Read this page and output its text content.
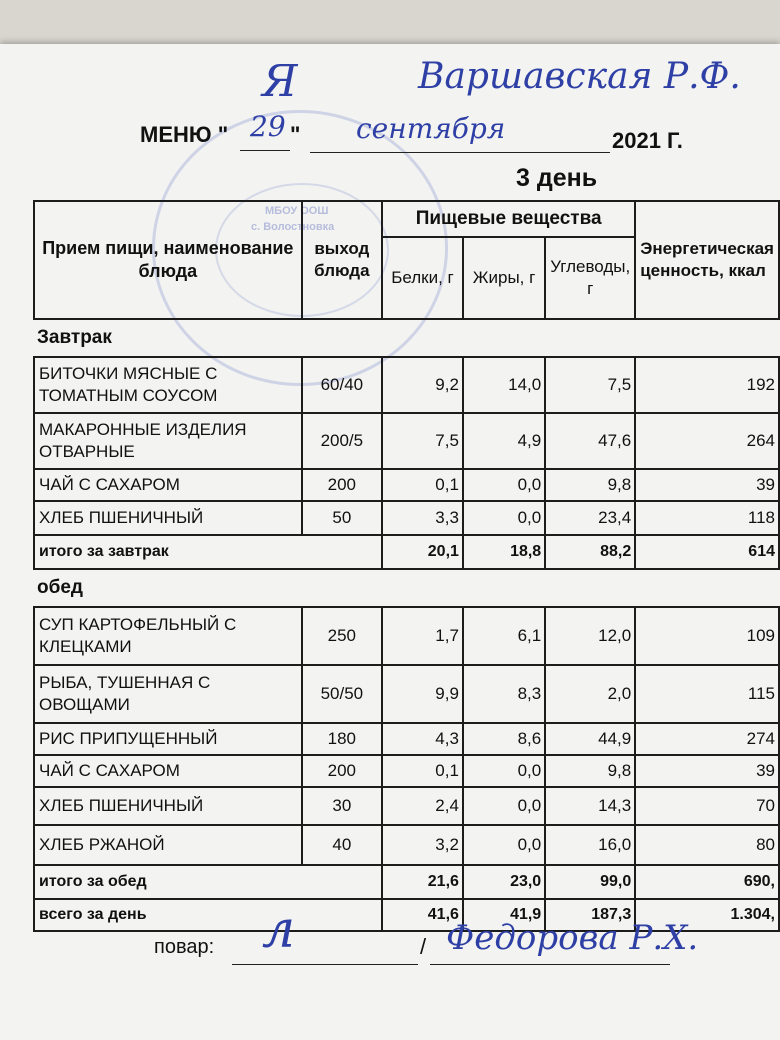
МБОУ ООШ
с. Волостновка
Я	Варшавская Р.Ф.
МЕНЮ " 29 " сентября	2021 Г.
3 день
Прием пищи, наименование блюда	выход блюда	Пищевые вещества			Энергетическая ценность, ккал
		Белки, г	Жиры, г	Углеводы, г	
Завтрак					
БИТОЧКИ МЯСНЫЕ С ТОМАТНЫМ СОУСОМ	60/40	9,2	14,0	7,5	192
МАКАРОННЫЕ ИЗДЕЛИЯ ОТВАРНЫЕ	200/5	7,5	4,9	47,6	264
ЧАЙ С САХАРОМ	200	0,1	0,0	9,8	39
ХЛЕБ ПШЕНИЧНЫЙ	50	3,3	0,0	23,4	118
итого за завтрак		20,1	18,8	88,2	614
обед					
СУП КАРТОФЕЛЬНЫЙ С КЛЕЦКАМИ	250	1,7	6,1	12,0	109
РЫБА, ТУШЕННАЯ С ОВОЩАМИ	50/50	9,9	8,3	2,0	115
РИС ПРИПУЩЕННЫЙ	180	4,3	8,6	44,9	274
ЧАЙ С САХАРОМ	200	0,1	0,0	9,8	39
ХЛЕБ ПШЕНИЧНЫЙ	30	2,4	0,0	14,3	70
ХЛЕБ РЖАНОЙ	40	3,2	0,0	16,0	80
итого за обед		21,6	23,0	99,0	690,
всего за день		41,6	41,9	187,3	1.304,
повар: л	/ Федорова Р.Х.
